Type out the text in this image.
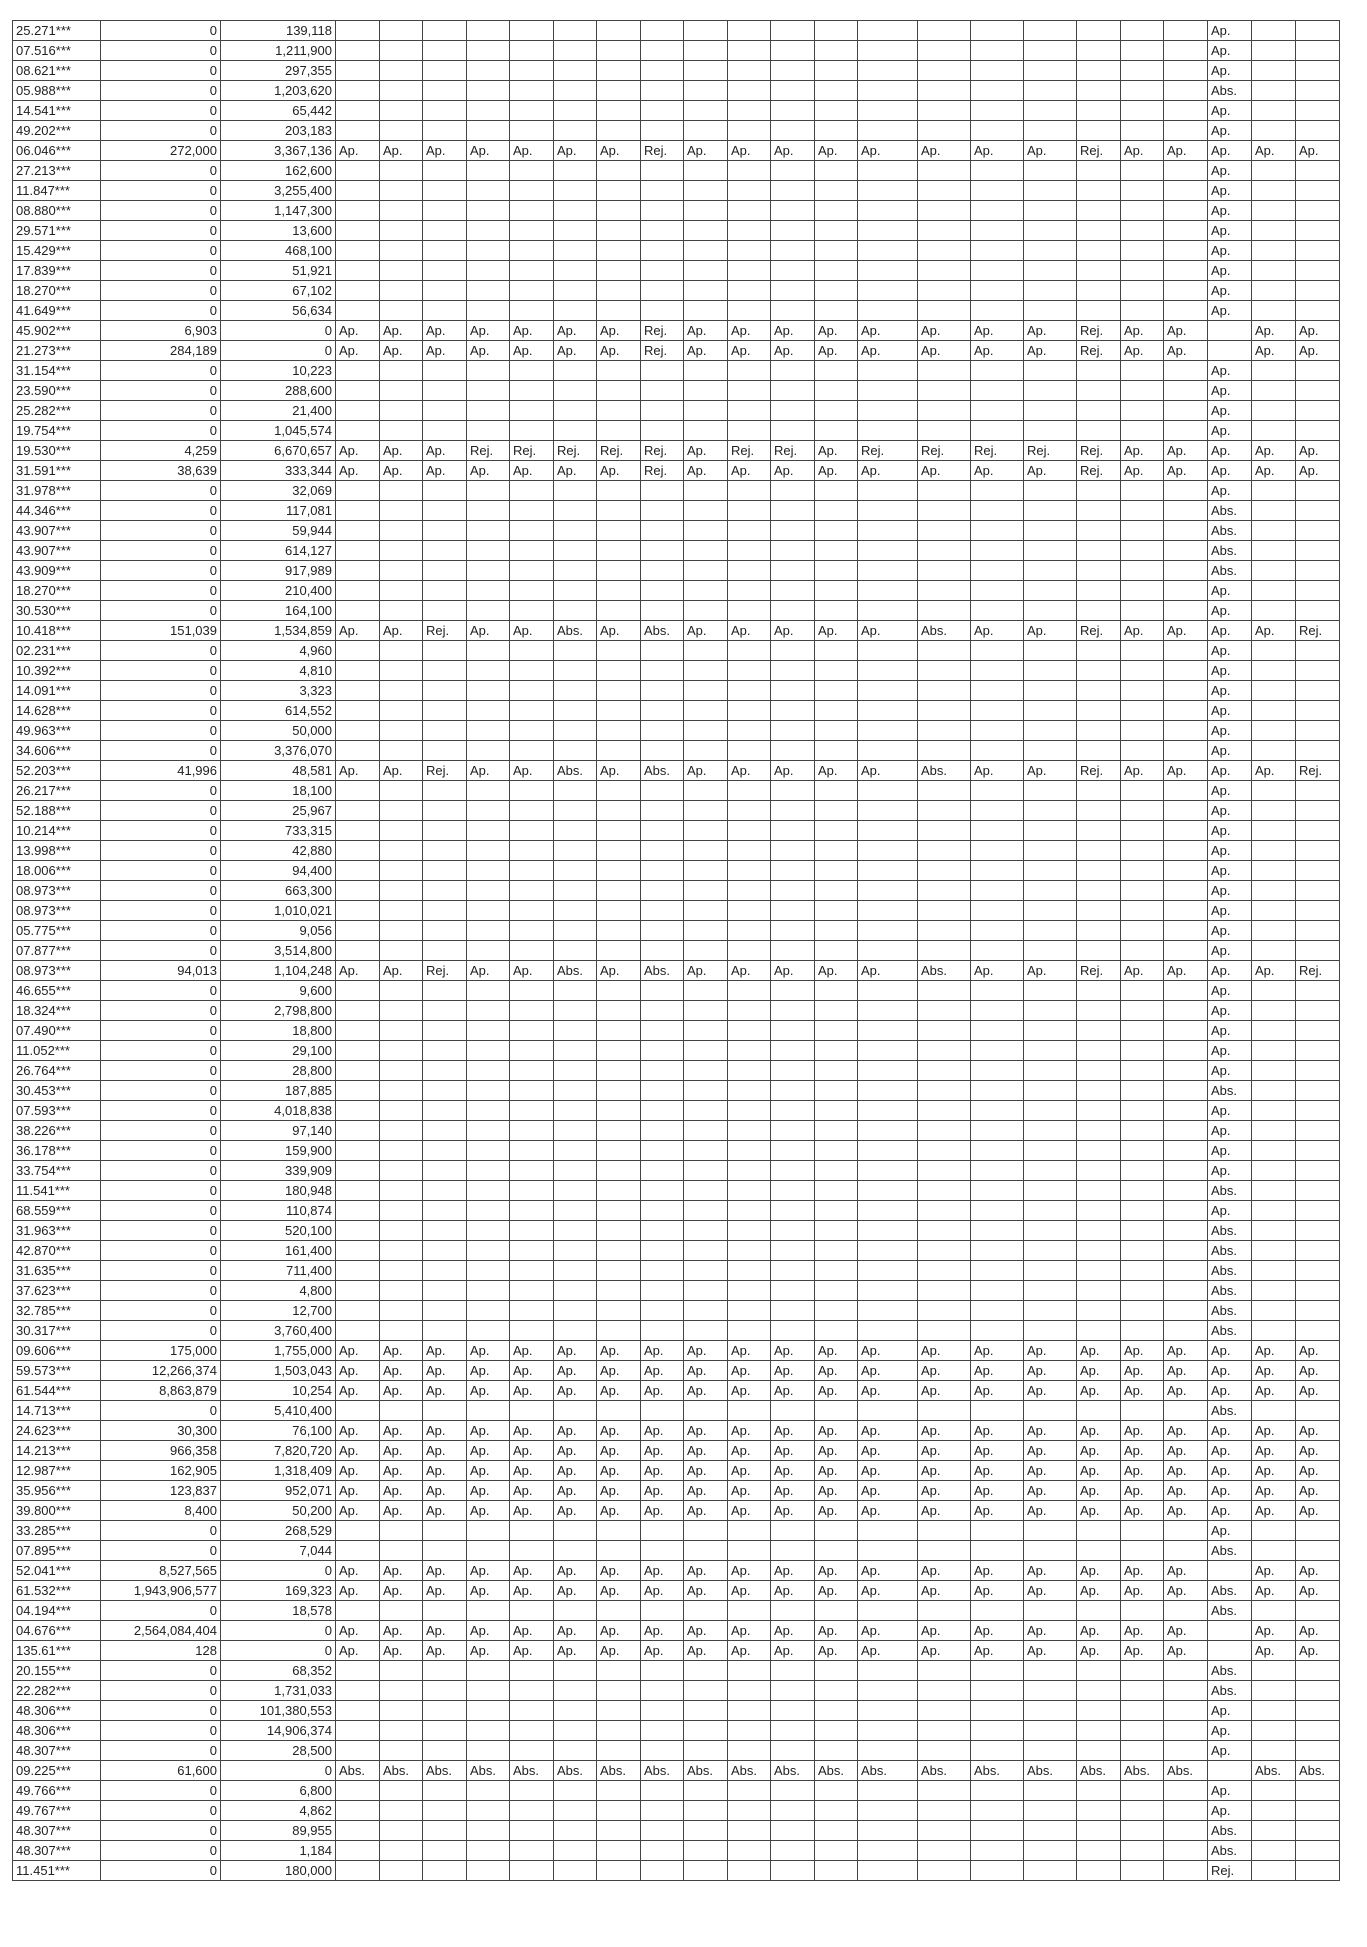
25.271***	0	139,118																				Ap.		
07.516***	0	1,211,900																				Ap.		
08.621***	0	297,355																				Ap.		
05.988***	0	1,203,620																				Abs.		
14.541***	0	65,442																				Ap.		
49.202***	0	203,183																				Ap.		
06.046***	272,000	3,367,136	Ap.	Ap.	Ap.	Ap.	Ap.	Ap.	Ap.	Rej.	Ap.	Ap.	Ap.	Ap.	Ap.	Ap.	Ap.	Ap.	Rej.	Ap.	Ap.	Ap.	Ap.	Ap.
27.213***	0	162,600																				Ap.		
11.847***	0	3,255,400																				Ap.		
08.880***	0	1,147,300																				Ap.		
29.571***	0	13,600																				Ap.		
15.429***	0	468,100																				Ap.		
17.839***	0	51,921																				Ap.		
18.270***	0	67,102																				Ap.		
41.649***	0	56,634																				Ap.		
45.902***	6,903	0	Ap.	Ap.	Ap.	Ap.	Ap.	Ap.	Ap.	Rej.	Ap.	Ap.	Ap.	Ap.	Ap.	Ap.	Ap.	Ap.	Rej.	Ap.	Ap.		Ap.	Ap.
21.273***	284,189	0	Ap.	Ap.	Ap.	Ap.	Ap.	Ap.	Ap.	Rej.	Ap.	Ap.	Ap.	Ap.	Ap.	Ap.	Ap.	Ap.	Rej.	Ap.	Ap.		Ap.	Ap.
31.154***	0	10,223																				Ap.		
23.590***	0	288,600																				Ap.		
25.282***	0	21,400																				Ap.		
19.754***	0	1,045,574																				Ap.		
19.530***	4,259	6,670,657	Ap.	Ap.	Ap.	Rej.	Rej.	Rej.	Rej.	Rej.	Ap.	Rej.	Rej.	Ap.	Rej.	Rej.	Rej.	Rej.	Rej.	Ap.	Ap.	Ap.	Ap.	Ap.
31.591***	38,639	333,344	Ap.	Ap.	Ap.	Ap.	Ap.	Ap.	Ap.	Rej.	Ap.	Ap.	Ap.	Ap.	Ap.	Ap.	Ap.	Ap.	Rej.	Ap.	Ap.	Ap.	Ap.	Ap.
31.978***	0	32,069																				Ap.		
44.346***	0	117,081																				Abs.		
43.907***	0	59,944																				Abs.		
43.907***	0	614,127																				Abs.		
43.909***	0	917,989																				Abs.		
18.270***	0	210,400																				Ap.		
30.530***	0	164,100																				Ap.		
10.418***	151,039	1,534,859	Ap.	Ap.	Rej.	Ap.	Ap.	Abs.	Ap.	Abs.	Ap.	Ap.	Ap.	Ap.	Ap.	Abs.	Ap.	Ap.	Rej.	Ap.	Ap.	Ap.	Ap.	Rej.
02.231***	0	4,960																				Ap.		
10.392***	0	4,810																				Ap.		
14.091***	0	3,323																				Ap.		
14.628***	0	614,552																				Ap.		
49.963***	0	50,000																				Ap.		
34.606***	0	3,376,070																				Ap.		
52.203***	41,996	48,581	Ap.	Ap.	Rej.	Ap.	Ap.	Abs.	Ap.	Abs.	Ap.	Ap.	Ap.	Ap.	Ap.	Abs.	Ap.	Ap.	Rej.	Ap.	Ap.	Ap.	Ap.	Rej.
26.217***	0	18,100																				Ap.		
52.188***	0	25,967																				Ap.		
10.214***	0	733,315																				Ap.		
13.998***	0	42,880																				Ap.		
18.006***	0	94,400																				Ap.		
08.973***	0	663,300																				Ap.		
08.973***	0	1,010,021																				Ap.		
05.775***	0	9,056																				Ap.		
07.877***	0	3,514,800																				Ap.		
08.973***	94,013	1,104,248	Ap.	Ap.	Rej.	Ap.	Ap.	Abs.	Ap.	Abs.	Ap.	Ap.	Ap.	Ap.	Ap.	Abs.	Ap.	Ap.	Rej.	Ap.	Ap.	Ap.	Ap.	Rej.
46.655***	0	9,600																				Ap.		
18.324***	0	2,798,800																				Ap.		
07.490***	0	18,800																				Ap.		
11.052***	0	29,100																				Ap.		
26.764***	0	28,800																				Ap.		
30.453***	0	187,885																				Abs.		
07.593***	0	4,018,838																				Ap.		
38.226***	0	97,140																				Ap.		
36.178***	0	159,900																				Ap.		
33.754***	0	339,909																				Ap.		
11.541***	0	180,948																				Abs.		
68.559***	0	110,874																				Ap.		
31.963***	0	520,100																				Abs.		
42.870***	0	161,400																				Abs.		
31.635***	0	711,400																				Abs.		
37.623***	0	4,800																				Abs.		
32.785***	0	12,700																				Abs.		
30.317***	0	3,760,400																				Abs.		
09.606***	175,000	1,755,000	Ap.	Ap.	Ap.	Ap.	Ap.	Ap.	Ap.	Ap.	Ap.	Ap.	Ap.	Ap.	Ap.	Ap.	Ap.	Ap.	Ap.	Ap.	Ap.	Ap.	Ap.	Ap.
59.573***	12,266,374	1,503,043	Ap.	Ap.	Ap.	Ap.	Ap.	Ap.	Ap.	Ap.	Ap.	Ap.	Ap.	Ap.	Ap.	Ap.	Ap.	Ap.	Ap.	Ap.	Ap.	Ap.	Ap.	Ap.
61.544***	8,863,879	10,254	Ap.	Ap.	Ap.	Ap.	Ap.	Ap.	Ap.	Ap.	Ap.	Ap.	Ap.	Ap.	Ap.	Ap.	Ap.	Ap.	Ap.	Ap.	Ap.	Ap.	Ap.	Ap.
14.713***	0	5,410,400																				Abs.		
24.623***	30,300	76,100	Ap.	Ap.	Ap.	Ap.	Ap.	Ap.	Ap.	Ap.	Ap.	Ap.	Ap.	Ap.	Ap.	Ap.	Ap.	Ap.	Ap.	Ap.	Ap.	Ap.	Ap.	Ap.
14.213***	966,358	7,820,720	Ap.	Ap.	Ap.	Ap.	Ap.	Ap.	Ap.	Ap.	Ap.	Ap.	Ap.	Ap.	Ap.	Ap.	Ap.	Ap.	Ap.	Ap.	Ap.	Ap.	Ap.	Ap.
12.987***	162,905	1,318,409	Ap.	Ap.	Ap.	Ap.	Ap.	Ap.	Ap.	Ap.	Ap.	Ap.	Ap.	Ap.	Ap.	Ap.	Ap.	Ap.	Ap.	Ap.	Ap.	Ap.	Ap.	Ap.
35.956***	123,837	952,071	Ap.	Ap.	Ap.	Ap.	Ap.	Ap.	Ap.	Ap.	Ap.	Ap.	Ap.	Ap.	Ap.	Ap.	Ap.	Ap.	Ap.	Ap.	Ap.	Ap.	Ap.	Ap.
39.800***	8,400	50,200	Ap.	Ap.	Ap.	Ap.	Ap.	Ap.	Ap.	Ap.	Ap.	Ap.	Ap.	Ap.	Ap.	Ap.	Ap.	Ap.	Ap.	Ap.	Ap.	Ap.	Ap.	Ap.
33.285***	0	268,529																				Ap.		
07.895***	0	7,044																				Abs.		
52.041***	8,527,565	0	Ap.	Ap.	Ap.	Ap.	Ap.	Ap.	Ap.	Ap.	Ap.	Ap.	Ap.	Ap.	Ap.	Ap.	Ap.	Ap.	Ap.	Ap.	Ap.		Ap.	Ap.
61.532***	1,943,906,577	169,323	Ap.	Ap.	Ap.	Ap.	Ap.	Ap.	Ap.	Ap.	Ap.	Ap.	Ap.	Ap.	Ap.	Ap.	Ap.	Ap.	Ap.	Ap.	Ap.	Abs.	Ap.	Ap.
04.194***	0	18,578																				Abs.		
04.676***	2,564,084,404	0	Ap.	Ap.	Ap.	Ap.	Ap.	Ap.	Ap.	Ap.	Ap.	Ap.	Ap.	Ap.	Ap.	Ap.	Ap.	Ap.	Ap.	Ap.	Ap.		Ap.	Ap.
135.61***	128	0	Ap.	Ap.	Ap.	Ap.	Ap.	Ap.	Ap.	Ap.	Ap.	Ap.	Ap.	Ap.	Ap.	Ap.	Ap.	Ap.	Ap.	Ap.	Ap.		Ap.	Ap.
20.155***	0	68,352																				Abs.		
22.282***	0	1,731,033																				Abs.		
48.306***	0	101,380,553																				Ap.		
48.306***	0	14,906,374																				Ap.		
48.307***	0	28,500																				Ap.		
09.225***	61,600	0	Abs.	Abs.	Abs.	Abs.	Abs.	Abs.	Abs.	Abs.	Abs.	Abs.	Abs.	Abs.	Abs.	Abs.	Abs.	Abs.	Abs.	Abs.	Abs.		Abs.	Abs.
49.766***	0	6,800																				Ap.		
49.767***	0	4,862																				Ap.		
48.307***	0	89,955																				Abs.		
48.307***	0	1,184																				Abs.		
11.451***	0	180,000																				Rej.		
